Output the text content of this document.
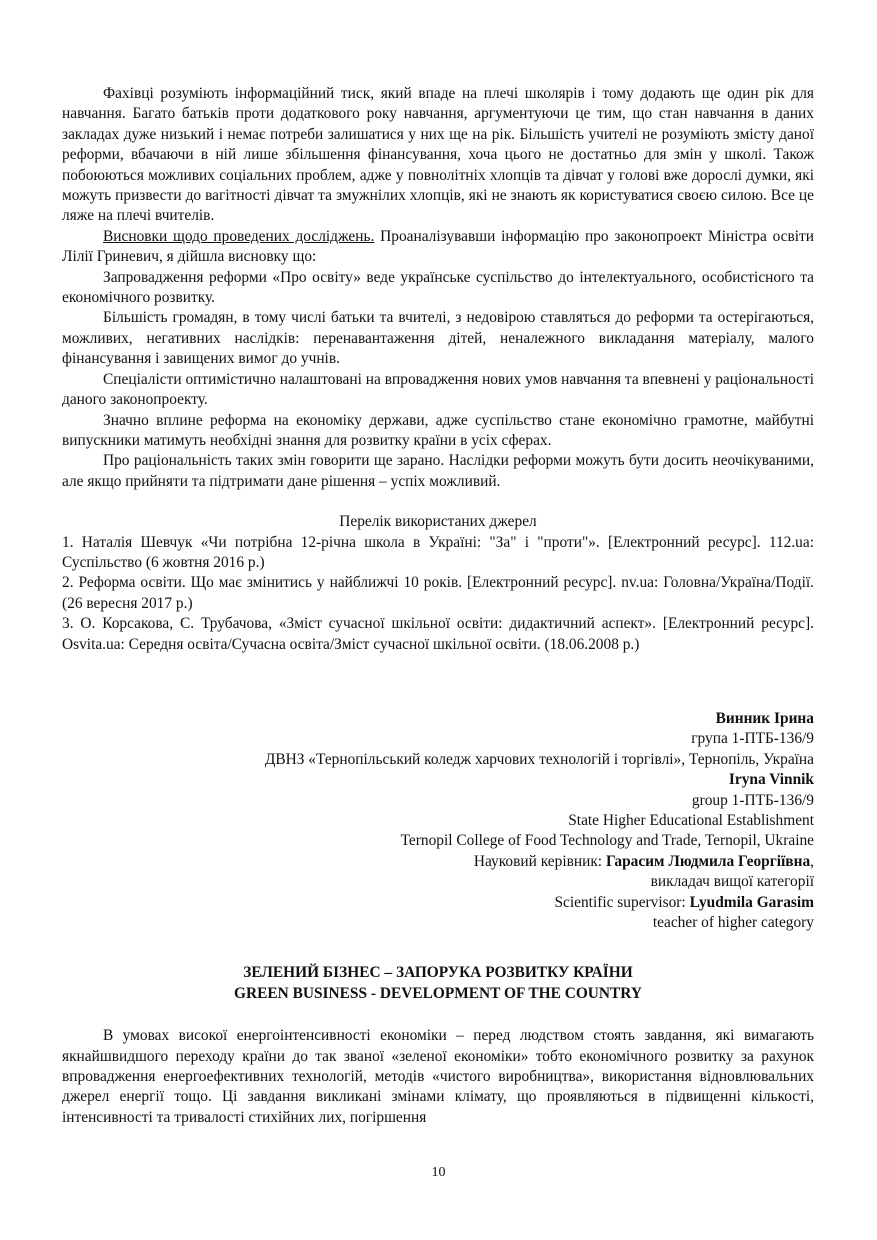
Фахівці розуміють інформаційний тиск, який впаде на плечі школярів і тому додають ще один рік для навчання. Багато батьків проти додаткового року навчання, аргументуючи це тим, що стан навчання в даних закладах дуже низький і немає потреби залишатися у них ще на рік. Більшість учителі не розуміють змісту даної реформи, вбачаючи в ній лише збільшення фінансування, хоча цього не достатньо для змін у школі. Також побоюються можливих соціальних проблем, адже у повнолітніх хлопців та дівчат у голові вже дорослі думки, які можуть призвести до вагітності дівчат та змужнілих хлопців, які не знають як користуватися своєю силою. Все це ляже на плечі вчителів.

Висновки щодо проведених досліджень. Проаналізувавши інформацію про законопроект Міністра освіти Лілії Гриневич, я дійшла висновку що:

Запровадження реформи «Про освіту» веде українське суспільство до інтелектуального, особистісного та економічного розвитку.

Більшість громадян, в тому числі батьки та вчителі, з недовірою ставляться до реформи та остерігаються, можливих, негативних наслідків: перенавантаження дітей, неналежного викладання матеріалу, малого фінансування і завищених вимог до учнів.

Спеціалісти оптимістично налаштовані на впровадження нових умов навчання та впевнені у раціональності даного законопроекту.

Значно вплине реформа на економіку держави, адже суспільство стане економічно грамотне, майбутні випускники матимуть необхідні знання для розвитку країни в усіх сферах.

Про раціональність таких змін говорити ще зарано. Наслідки реформи можуть бути досить неочікуваними, але якщо прийняти та підтримати дане рішення – успіх можливий.

Перелік використаних джерел

1. Наталія Шевчук «Чи потрібна 12-річна школа в Україні: "За" і "проти"». [Електронний ресурс]. 112.ua: Суспільство (6 жовтня 2016 р.)

2. Реформа освіти. Що має змінитись у найближчі 10 років. [Електронний ресурс]. nv.ua: Головна/Україна/Події. (26 вересня 2017 р.)

3. О. Корсакова, С. Трубачова, «Зміст сучасної шкільної освіти: дидактичний аспект». [Електронний ресурс]. Osvita.ua: Середня освіта/Сучасна освіта/Зміст сучасної шкільної освіти. (18.06.2008 р.)

Винник Ірина
група 1-ПТБ-136/9
ДВНЗ «Тернопільський коледж харчових технологій і торгівлі», Тернопіль, Україна
Iryna Vinnik
group 1-ПТБ-136/9
State Higher Educational Establishment
Ternopil College of Food Technology and Trade, Ternopil, Ukraine
Науковий керівник: Гарасим Людмила Георгіївна,
викладач вищої категорії
Scientific supervisor: Lyudmila Garasim
teacher of higher category
ЗЕЛЕНИЙ БІЗНЕС – ЗАПОРУКА РОЗВИТКУ КРАЇНИ
GREEN BUSINESS - DEVELOPMENT OF THE COUNTRY

В умовах високої енергоінтенсивності економіки – перед людством стоять завдання, які вимагають якнайшвидшого переходу країни до так званої «зеленої економіки» тобто економічного розвитку за рахунок впровадження енергоефективних технологій, методів «чистого виробництва», використання відновлювальних джерел енергії тощо. Ці завдання викликані змінами клімату, що проявляються в підвищенні кількості, інтенсивності та тривалості стихійних лих, погіршення

10
